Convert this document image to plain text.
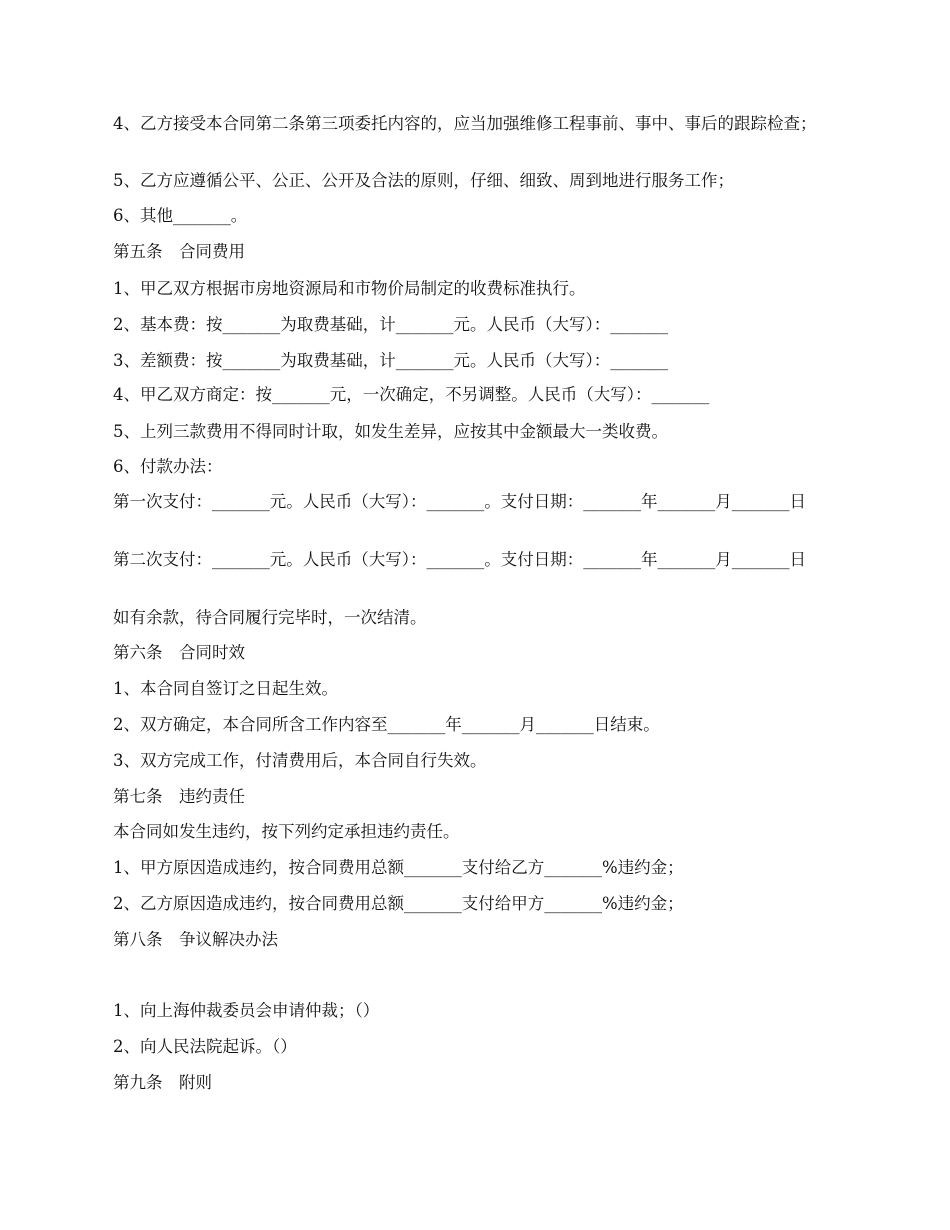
4、乙方接受本合同第二条第三项委托内容的，应当加强维修工程事前、事中、事后的跟踪检查；

5、乙方应遵循公平、公正、公开及合法的原则，仔细、细致、周到地进行服务工作；

6、其他_______。

第五条　合同费用

1、甲乙双方根据市房地资源局和市物价局制定的收费标准执行。

2、基本费：按_______为取费基础，计_______元。人民币（大写）：_______

3、差额费：按_______为取费基础，计_______元。人民币（大写）：_______

4、甲乙双方商定：按_______元，一次确定，不另调整。人民币（大写）：_______

5、上列三款费用不得同时计取，如发生差异，应按其中金额最大一类收费。

6、付款办法：

第一次支付：_______元。人民币（大写）：_______。支付日期：_______年_______月_______日

第二次支付：_______元。人民币（大写）：_______。支付日期：_______年_______月_______日

如有余款，待合同履行完毕时，一次结清。

第六条　合同时效

1、本合同自签订之日起生效。

2、双方确定，本合同所含工作内容至_______年_______月_______日结束。

3、双方完成工作，付清费用后，本合同自行失效。

第七条　违约责任

本合同如发生违约，按下列约定承担违约责任。

1、甲方原因造成违约，按合同费用总额_______支付给乙方_______%违约金；

2、乙方原因造成违约，按合同费用总额_______支付给甲方_______%违约金；

第八条　争议解决办法

1、向上海仲裁委员会申请仲裁；（）

2、向人民法院起诉。（）

第九条　附则
